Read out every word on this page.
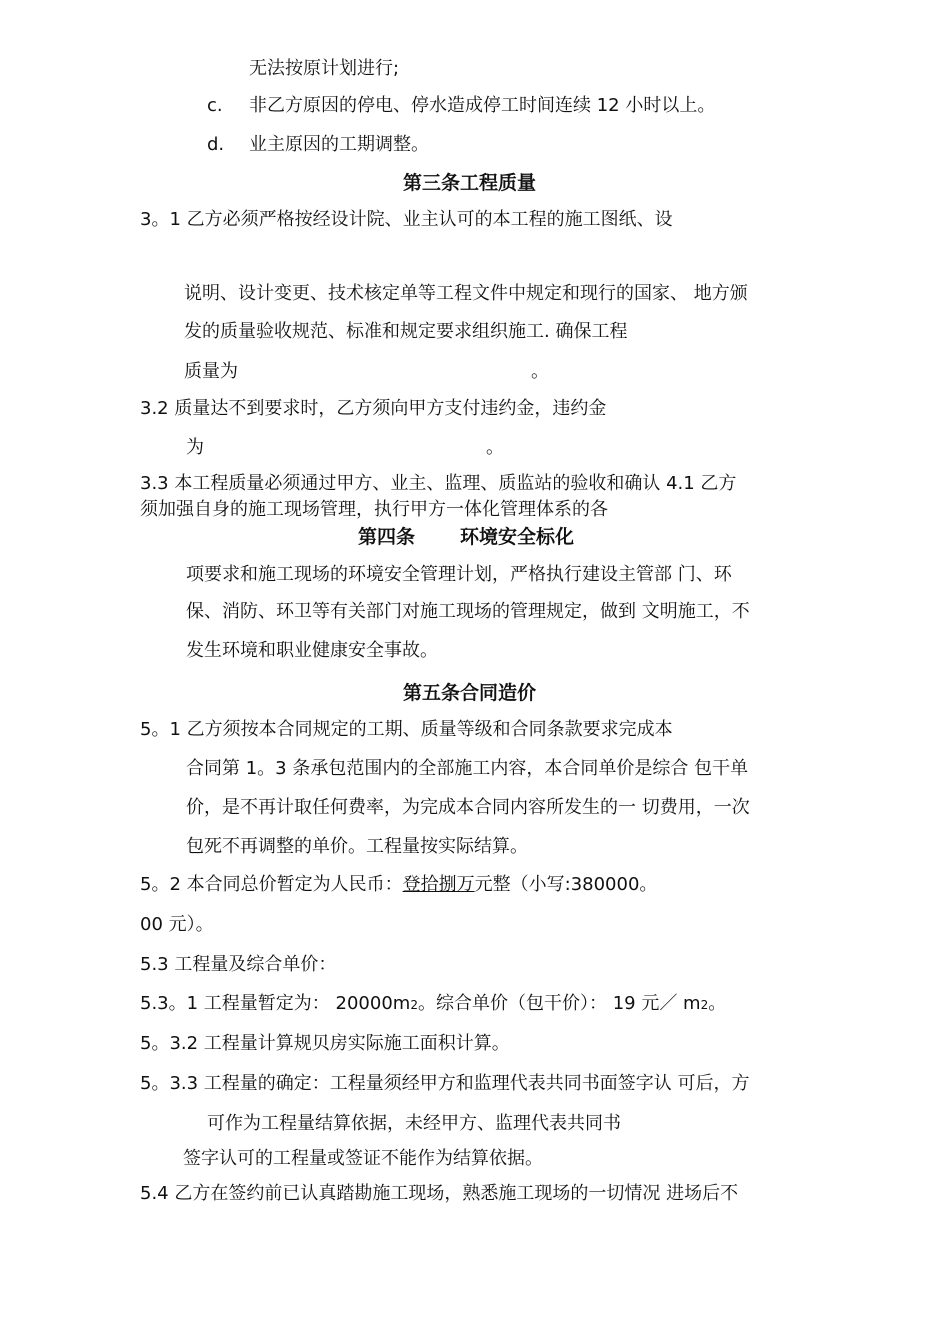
无法按原计划进行;
c. 非乙方原因的停电、停水造成停工时间连续 12 小时以上。
d. 业主原因的工期调整。
第三条工程质量
3。1 乙方必须严格按经设计院、业主认可的本工程的施工图纸、设
说明、设计变更、技术核定单等工程文件中规定和现行的国家、 地方颁
发的质量验收规范、标准和规定要求组织施工. 确保工程
质量为	。
3.2 质量达不到要求时，乙方须向甲方支付违约金，违约金
为	。
3.3 本工程质量必须通过甲方、业主、监理、质监站的验收和确认 4.1 乙方
须加强自身的施工现场管理，执行甲方一体化管理体系的各
第四条 环境安全标化
项要求和施工现场的环境安全管理计划，严格执行建设主管部 门、环
保、消防、环卫等有关部门对施工现场的管理规定，做到 文明施工，不
发生环境和职业健康安全事故。
第五条合同造价
5。1 乙方须按本合同规定的工期、质量等级和合同条款要求完成本
合同第 1。3 条承包范围内的全部施工内容，本合同单价是综合 包干单
价，是不再计取任何费率，为完成本合同内容所发生的一 切费用，一次
包死不再调整的单价。工程量按实际结算。
5。2 本合同总价暂定为人民币：登拾捌万元整（小写:380000。
00 元）。
5.3 工程量及综合单价：
5.3。1 工程量暂定为： 20000m2。综合单价（包干价）： 19 元／ m2。
5。3.2 工程量计算规贝房实际施工面积计算。
5。3.3 工程量的确定：工程量须经甲方和监理代表共同书面签字认 可后，方
可作为工程量结算依据，未经甲方、监理代表共同书
签字认可的工程量或签证不能作为结算依据。
5.4 乙方在签约前已认真踏勘施工现场，熟悉施工现场的一切情况 进场后不
